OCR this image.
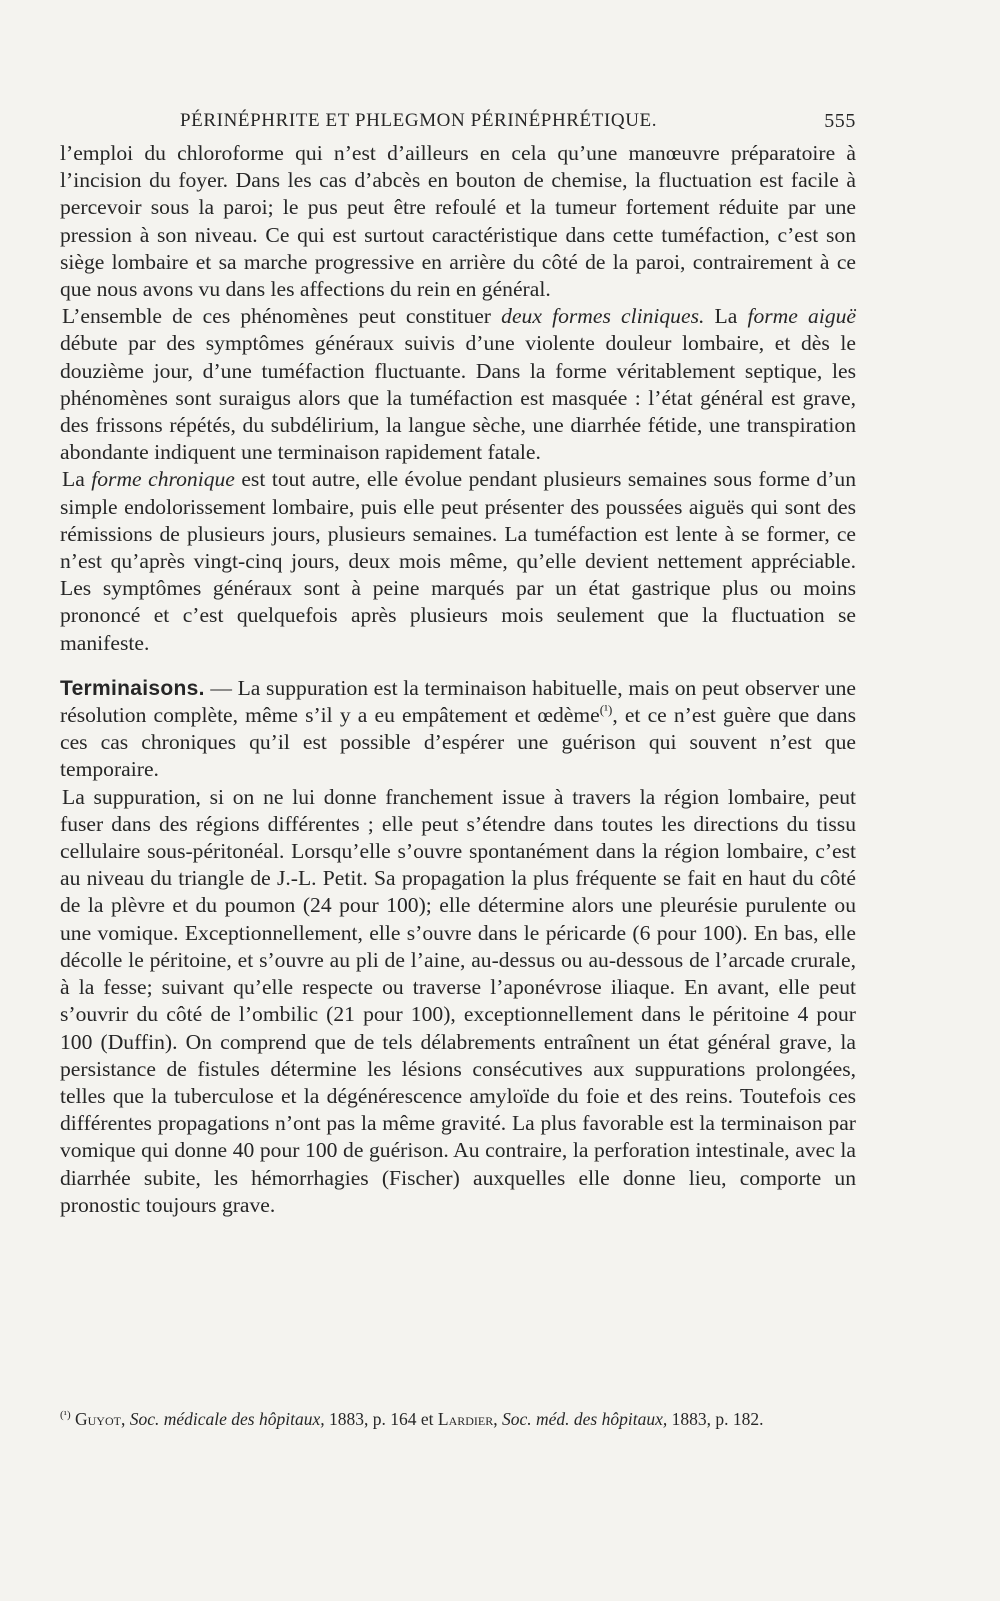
PÉRINÉPHRITE ET PHLEGMON PÉRINÉPHRÉTIQUE.	555

l’emploi du chloroforme qui n’est d’ailleurs en cela qu’une manœuvre préparatoire à l’incision du foyer. Dans les cas d’abcès en bouton de chemise, la fluctuation est facile à percevoir sous la paroi; le pus peut être refoulé et la tumeur fortement réduite par une pression à son niveau. Ce qui est surtout caractéristique dans cette tuméfaction, c’est son siège lombaire et sa marche progressive en arrière du côté de la paroi, contrairement à ce que nous avons vu dans les affections du rein en général.

L’ensemble de ces phénomènes peut constituer deux formes cliniques. La forme aiguë débute par des symptômes généraux suivis d’une violente douleur lombaire, et dès le douzième jour, d’une tuméfaction fluctuante. Dans la forme véritablement septique, les phénomènes sont suraigus alors que la tuméfaction est masquée : l’état général est grave, des frissons répétés, du subdélirium, la langue sèche, une diarrhée fétide, une transpiration abondante indiquent une terminaison rapidement fatale.

La forme chronique est tout autre, elle évolue pendant plusieurs semaines sous forme d’un simple endolorissement lombaire, puis elle peut présenter des poussées aiguës qui sont des rémissions de plusieurs jours, plusieurs semaines. La tuméfaction est lente à se former, ce n’est qu’après vingt-cinq jours, deux mois même, qu’elle devient nettement appréciable. Les symptômes généraux sont à peine marqués par un état gastrique plus ou moins prononcé et c’est quelquefois après plusieurs mois seulement que la fluctuation se manifeste.

Terminaisons. — La suppuration est la terminaison habituelle, mais on peut observer une résolution complète, même s’il y a eu empâtement et œdème$^{(^1)}$, et ce n’est guère que dans ces cas chroniques qu’il est possible d’espérer une guérison qui souvent n’est que temporaire.

La suppuration, si on ne lui donne franchement issue à travers la région lombaire, peut fuser dans des régions différentes ; elle peut s’étendre dans toutes les directions du tissu cellulaire sous-péritonéal. Lorsqu’elle s’ouvre spontanément dans la région lombaire, c’est au niveau du triangle de J.-L. Petit. Sa propagation la plus fréquente se fait en haut du côté de la plèvre et du poumon (24 pour 100); elle détermine alors une pleurésie purulente ou une vomique. Exceptionnellement, elle s’ouvre dans le péricarde (6 pour 100). En bas, elle décolle le péritoine, et s’ouvre au pli de l’aine, au-dessus ou au-dessous de l’arcade crurale, à la fesse; suivant qu’elle respecte ou traverse l’aponévrose iliaque. En avant, elle peut s’ouvrir du côté de l’ombilic (21 pour 100), exceptionnellement dans le péritoine 4 pour 100 (Duffin). On comprend que de tels délabrements entraînent un état général grave, la persistance de fistules détermine les lésions consécutives aux suppurations prolongées, telles que la tuberculose et la dégénérescence amyloïde du foie et des reins. Toutefois ces différentes propagations n’ont pas la même gravité. La plus favorable est la terminaison par vomique qui donne 40 pour 100 de guérison. Au contraire, la perforation intestinale, avec la diarrhée subite, les hémorrhagies (Fischer) auxquelles elle donne lieu, comporte un pronostic toujours grave.

$^{(^1)}$ Guyot, Soc. médicale des hôpitaux, 1883, p. 164 et Lardier, Soc. méd. des hôpitaux, 1883, p. 182.
